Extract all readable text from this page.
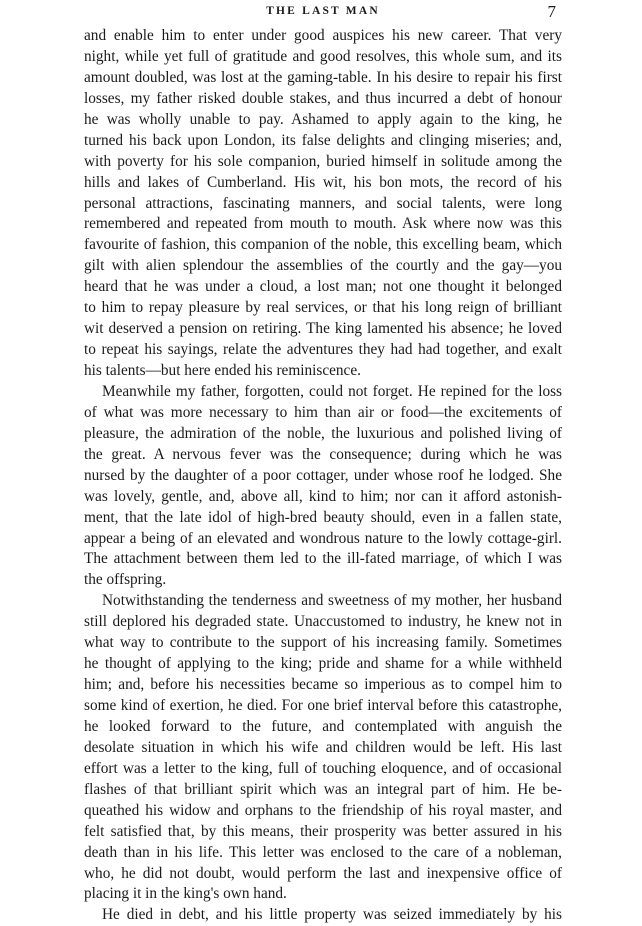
THE LAST MAN	7
and enable him to enter under good auspices his new career. That very
night, while yet full of gratitude and good resolves, this whole sum, and its
amount doubled, was lost at the gaming-table. In his desire to repair his first
losses, my father risked double stakes, and thus incurred a debt of honour
he was wholly unable to pay. Ashamed to apply again to the king, he
turned his back upon London, its false delights and clinging miseries; and,
with poverty for his sole companion, buried himself in solitude among the
hills and lakes of Cumberland. His wit, his bon mots, the record of his
personal attractions, fascinating manners, and social talents, were long
remembered and repeated from mouth to mouth. Ask where now was this
favourite of fashion, this companion of the noble, this excelling beam, which
gilt with alien splendour the assemblies of the courtly and the gay—you
heard that he was under a cloud, a lost man; not one thought it belonged
to him to repay pleasure by real services, or that his long reign of brilliant
wit deserved a pension on retiring. The king lamented his absence; he loved
to repeat his sayings, relate the adventures they had had together, and exalt
his talents—but here ended his reminiscence.
Meanwhile my father, forgotten, could not forget. He repined for the loss
of what was more necessary to him than air or food—the excitements of
pleasure, the admiration of the noble, the luxurious and polished living of
the great. A nervous fever was the consequence; during which he was
nursed by the daughter of a poor cottager, under whose roof he lodged. She
was lovely, gentle, and, above all, kind to him; nor can it afford astonish-
ment, that the late idol of high-bred beauty should, even in a fallen state,
appear a being of an elevated and wondrous nature to the lowly cottage-girl.
The attachment between them led to the ill-fated marriage, of which I was
the offspring.
Notwithstanding the tenderness and sweetness of my mother, her husband
still deplored his degraded state. Unaccustomed to industry, he knew not in
what way to contribute to the support of his increasing family. Sometimes
he thought of applying to the king; pride and shame for a while withheld
him; and, before his necessities became so imperious as to compel him to
some kind of exertion, he died. For one brief interval before this catastrophe,
he looked forward to the future, and contemplated with anguish the
desolate situation in which his wife and children would be left. His last
effort was a letter to the king, full of touching eloquence, and of occasional
flashes of that brilliant spirit which was an integral part of him. He be-
queathed his widow and orphans to the friendship of his royal master, and
felt satisfied that, by this means, their prosperity was better assured in his
death than in his life. This letter was enclosed to the care of a nobleman,
who, he did not doubt, would perform the last and inexpensive office of
placing it in the king's own hand.
He died in debt, and his little property was seized immediately by his
